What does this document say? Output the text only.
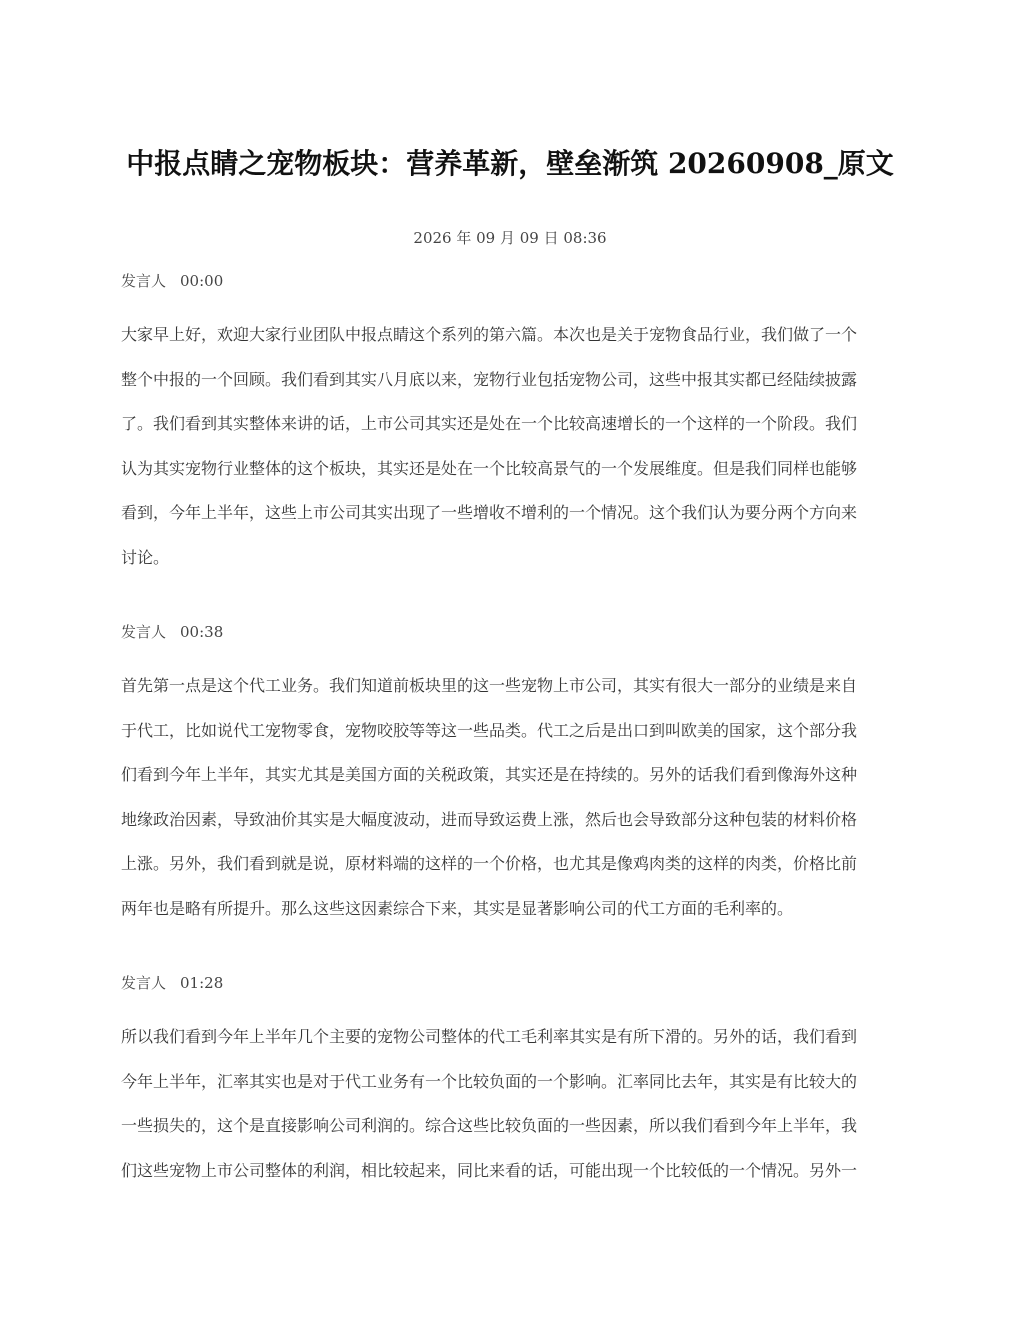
中报点睛之宠物板块：营养革新，壁垒渐筑 20260908_原文
2026 年 09 月 09 日 08:36
发言人 00:00
大家早上好，欢迎大家行业团队中报点睛这个系列的第六篇。本次也是关于宠物食品行业，我们做了一个
整个中报的一个回顾。我们看到其实八月底以来，宠物行业包括宠物公司，这些中报其实都已经陆续披露
了。我们看到其实整体来讲的话，上市公司其实还是处在一个比较高速增长的一个这样的一个阶段。我们
认为其实宠物行业整体的这个板块，其实还是处在一个比较高景气的一个发展维度。但是我们同样也能够
看到，今年上半年，这些上市公司其实出现了一些增收不增利的一个情况。这个我们认为要分两个方向来
讨论。
发言人 00:38
首先第一点是这个代工业务。我们知道前板块里的这一些宠物上市公司，其实有很大一部分的业绩是来自
于代工，比如说代工宠物零食，宠物咬胶等等这一些品类。代工之后是出口到叫欧美的国家，这个部分我
们看到今年上半年，其实尤其是美国方面的关税政策，其实还是在持续的。另外的话我们看到像海外这种
地缘政治因素，导致油价其实是大幅度波动，进而导致运费上涨，然后也会导致部分这种包装的材料价格
上涨。另外，我们看到就是说，原材料端的这样的一个价格，也尤其是像鸡肉类的这样的肉类，价格比前
两年也是略有所提升。那么这些这因素综合下来，其实是显著影响公司的代工方面的毛利率的。
发言人 01:28
所以我们看到今年上半年几个主要的宠物公司整体的代工毛利率其实是有所下滑的。另外的话，我们看到
今年上半年，汇率其实也是对于代工业务有一个比较负面的一个影响。汇率同比去年，其实是有比较大的
一些损失的，这个是直接影响公司利润的。综合这些比较负面的一些因素，所以我们看到今年上半年，我
们这些宠物上市公司整体的利润，相比较起来，同比来看的话，可能出现一个比较低的一个情况。另外一
